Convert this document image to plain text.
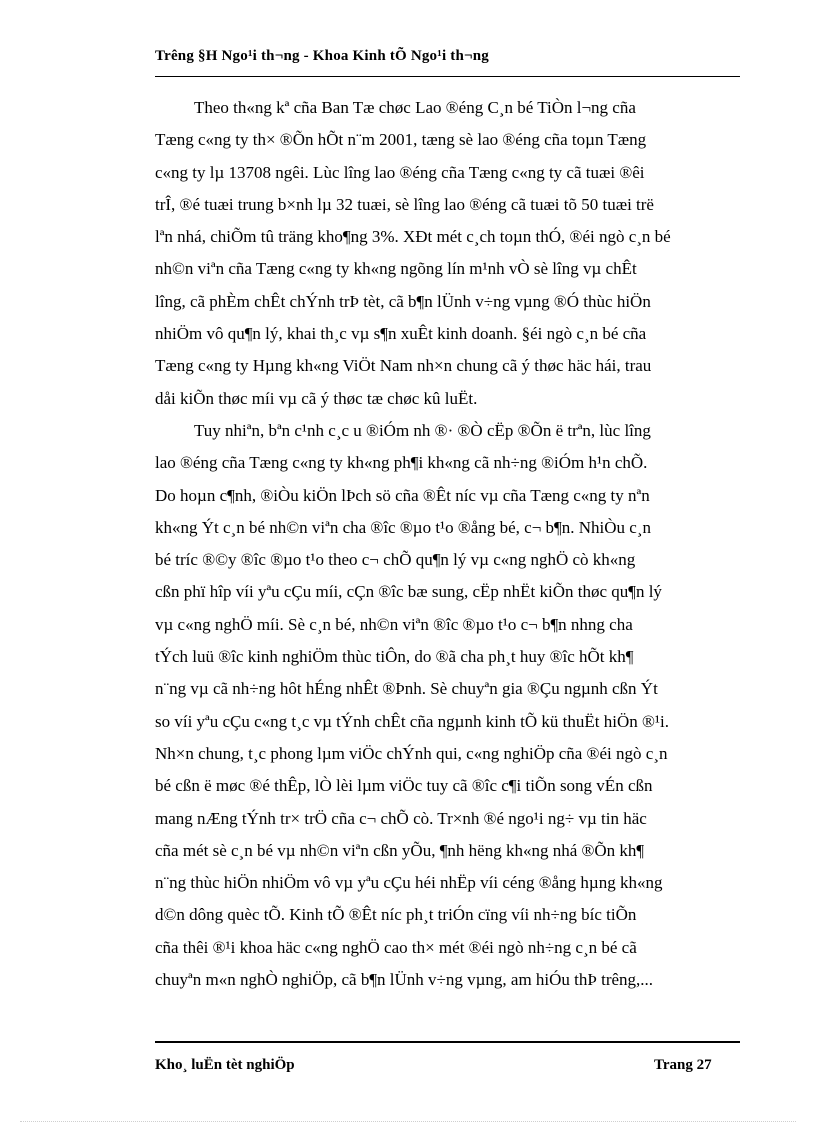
Trêng §H Ngo¹i th¬ng - Khoa Kinh tÕ Ngo¹i th¬ng

Theo th«ng kª cña Ban Tæ chøc Lao ®éng C¸n bé TiÒn l¬ng cña
Tæng c«ng ty th× ®Õn hÕt n¨m 2001, tæng sè lao ®éng cña toµn Tæng
c«ng ty lµ 13708 ngêi. Lùc lîng lao ®éng cña Tæng c«ng ty cã tuæi ®êi
trÎ, ®é tuæi trung b×nh lµ 32 tuæi, sè lîng lao ®éng cã tuæi tõ 50 tuæi trë
lªn nhá, chiÕm tû träng kho¶ng 3%. XÐt mét c¸ch toµn thÓ, ®éi ngò c¸n bé
nh©n viªn cña Tæng c«ng ty kh«ng ngõng lín m¹nh vÒ sè lîng vµ chÊt
lîng, cã phÈm chÊt chÝnh trÞ tèt, cã b¶n lÜnh v÷ng vµng ®Ó thùc hiÖn
nhiÖm vô qu¶n lý, khai th¸c vµ s¶n xuÊt kinh doanh. §éi ngò c¸n bé cña
Tæng c«ng ty Hµng kh«ng ViÖt Nam nh×n chung cã ý thøc häc hái, trau
dåi kiÕn thøc míi vµ cã ý thøc tæ chøc kû luËt.

Tuy nhiªn, bªn c¹nh c¸c u ®iÓm nh ®· ®Ò cËp ®Õn ë trªn, lùc lîng
lao ®éng cña Tæng c«ng ty kh«ng ph¶i kh«ng cã nh÷ng ®iÓm h¹n chÕ.
Do hoµn c¶nh, ®iÒu kiÖn lÞch sö cña ®Êt níc vµ cña Tæng c«ng ty nªn
kh«ng Ýt c¸n bé nh©n viªn cha ®îc ®µo t¹o ®ång bé, c¬ b¶n. NhiÒu c¸n
bé tríc ®©y ®îc ®µo t¹o theo c¬ chÕ qu¶n lý vµ c«ng nghÖ cò kh«ng
cßn phï hîp víi yªu cÇu míi, cÇn ®îc bæ sung, cËp nhËt kiÕn thøc qu¶n lý
vµ c«ng nghÖ míi. Sè c¸n bé, nh©n viªn ®îc ®µo t¹o c¬ b¶n nhng cha
tÝch luü ®îc kinh nghiÖm thùc tiÔn, do ®ã cha ph¸t huy ®îc hÕt kh¶
n¨ng vµ cã nh÷ng hôt hÉng nhÊt ®Þnh. Sè chuyªn gia ®Çu ngµnh cßn Ýt
so víi yªu cÇu c«ng t¸c vµ tÝnh chÊt cña ngµnh kinh tÕ kü thuËt hiÖn ®¹i.
Nh×n chung, t¸c phong lµm viÖc chÝnh qui, c«ng nghiÖp cña ®éi ngò c¸n
bé cßn ë møc ®é thÊp, lÒ lèi lµm viÖc tuy cã ®îc c¶i tiÕn song vÉn cßn
mang nÆng tÝnh tr× trÖ cña c¬ chÕ cò. Tr×nh ®é ngo¹i ng÷ vµ tin häc
cña mét sè c¸n bé vµ nh©n viªn cßn yÕu, ¶nh hëng kh«ng nhá ®Õn kh¶
n¨ng thùc hiÖn nhiÖm vô vµ yªu cÇu héi nhËp víi céng ®ång hµng kh«ng
d©n dông quèc tÕ. Kinh tÕ ®Êt níc ph¸t triÓn cïng víi nh÷ng bíc tiÕn
cña thêi ®¹i khoa häc c«ng nghÖ cao th× mét ®éi ngò nh÷ng c¸n bé cã
chuyªn m«n nghÒ nghiÖp, cã b¶n lÜnh v÷ng vµng, am hiÓu thÞ trêng,...

Kho¸ luËn tèt nghiÖp	Trang 27
